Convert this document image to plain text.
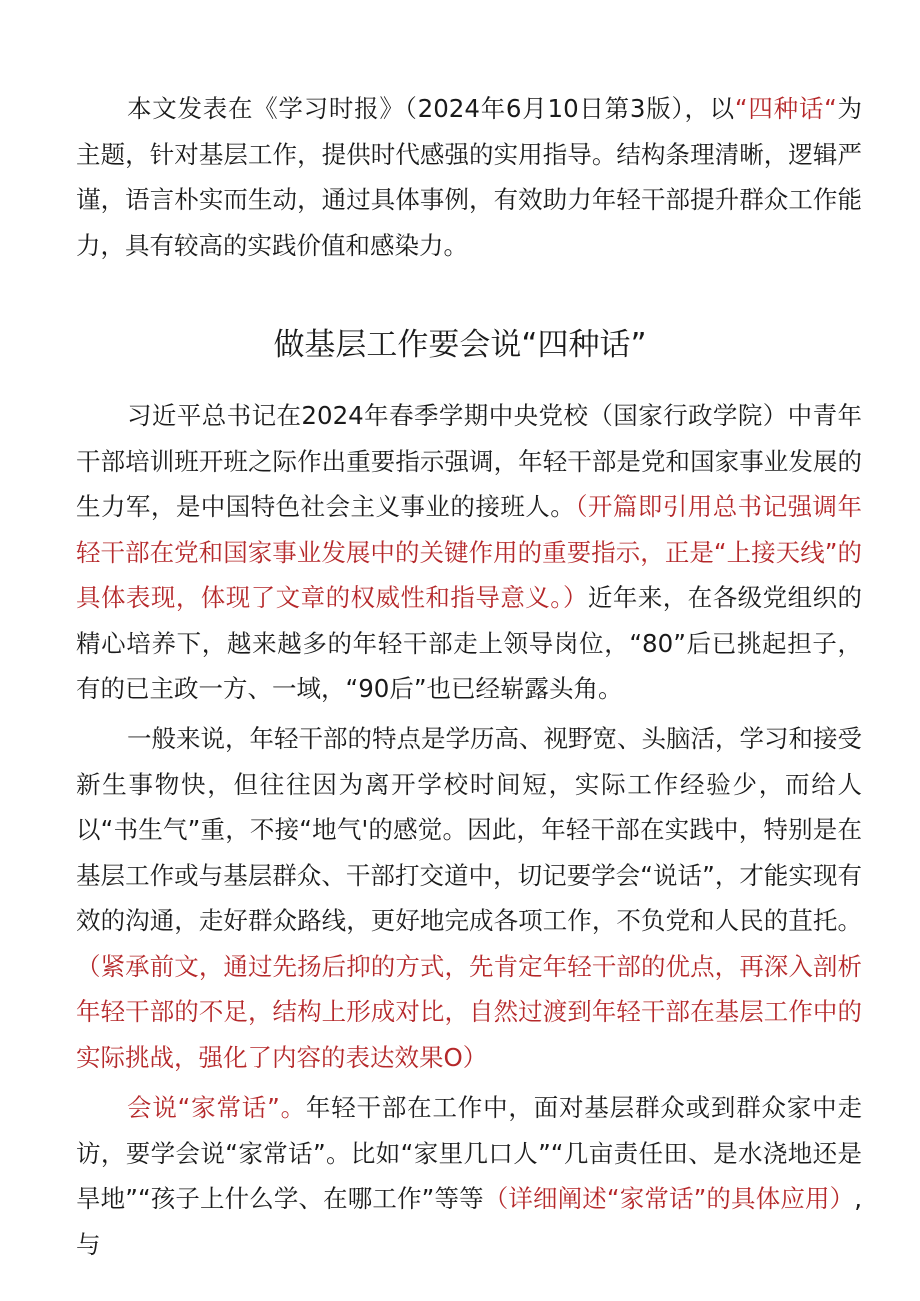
本文发表在《学习时报》（2024年6月10日第3版），以“四种话“为主题，针对基层工作，提供时代感强的实用指导。结构条理清晰，逻辑严谨，语言朴实而生动，通过具体事例，有效助力年轻干部提升群众工作能力，具有较高的实践价值和感染力。

做基层工作要会说“四种话”

习近平总书记在2024年春季学期中央党校（国家行政学院）中青年干部培训班开班之际作出重要指示强调，年轻干部是党和国家事业发展的生力军，是中国特色社会主义事业的接班人。（开篇即引用总书记强调年轻干部在党和国家事业发展中的关键作用的重要指示，正是“上接天线”的具体表现，体现了文章的权威性和指导意义。）近年来，在各级党组织的精心培养下，越来越多的年轻干部走上领导岗位，“80”后已挑起担子，有的已主政一方、一域，“90后”也已经崭露头角。

一般来说，年轻干部的特点是学历高、视野宽、头脑活，学习和接受新生事物快，但往往因为离开学校时间短，实际工作经验少，而给人以“书生气”重，不接“地气'的感觉。因此，年轻干部在实践中，特别是在基层工作或与基层群众、干部打交道中，切记要学会“说话”，才能实现有效的沟通，走好群众路线，更好地完成各项工作，不负党和人民的苴托。（紧承前文，通过先扬后抑的方式，先肯定年轻干部的优点，再深入剖析年轻干部的不足，结构上形成对比，自然过渡到年轻干部在基层工作中的实际挑战，强化了内容的表达效果O）

会说“家常话”。年轻干部在工作中，面对基层群众或到群众家中走访，要学会说“家常话”。比如“家里几口人”“几亩责任田、是水浇地还是旱地”“孩子上什么学、在哪工作”等等（详细阐述“家常话”的具体应用）,与
